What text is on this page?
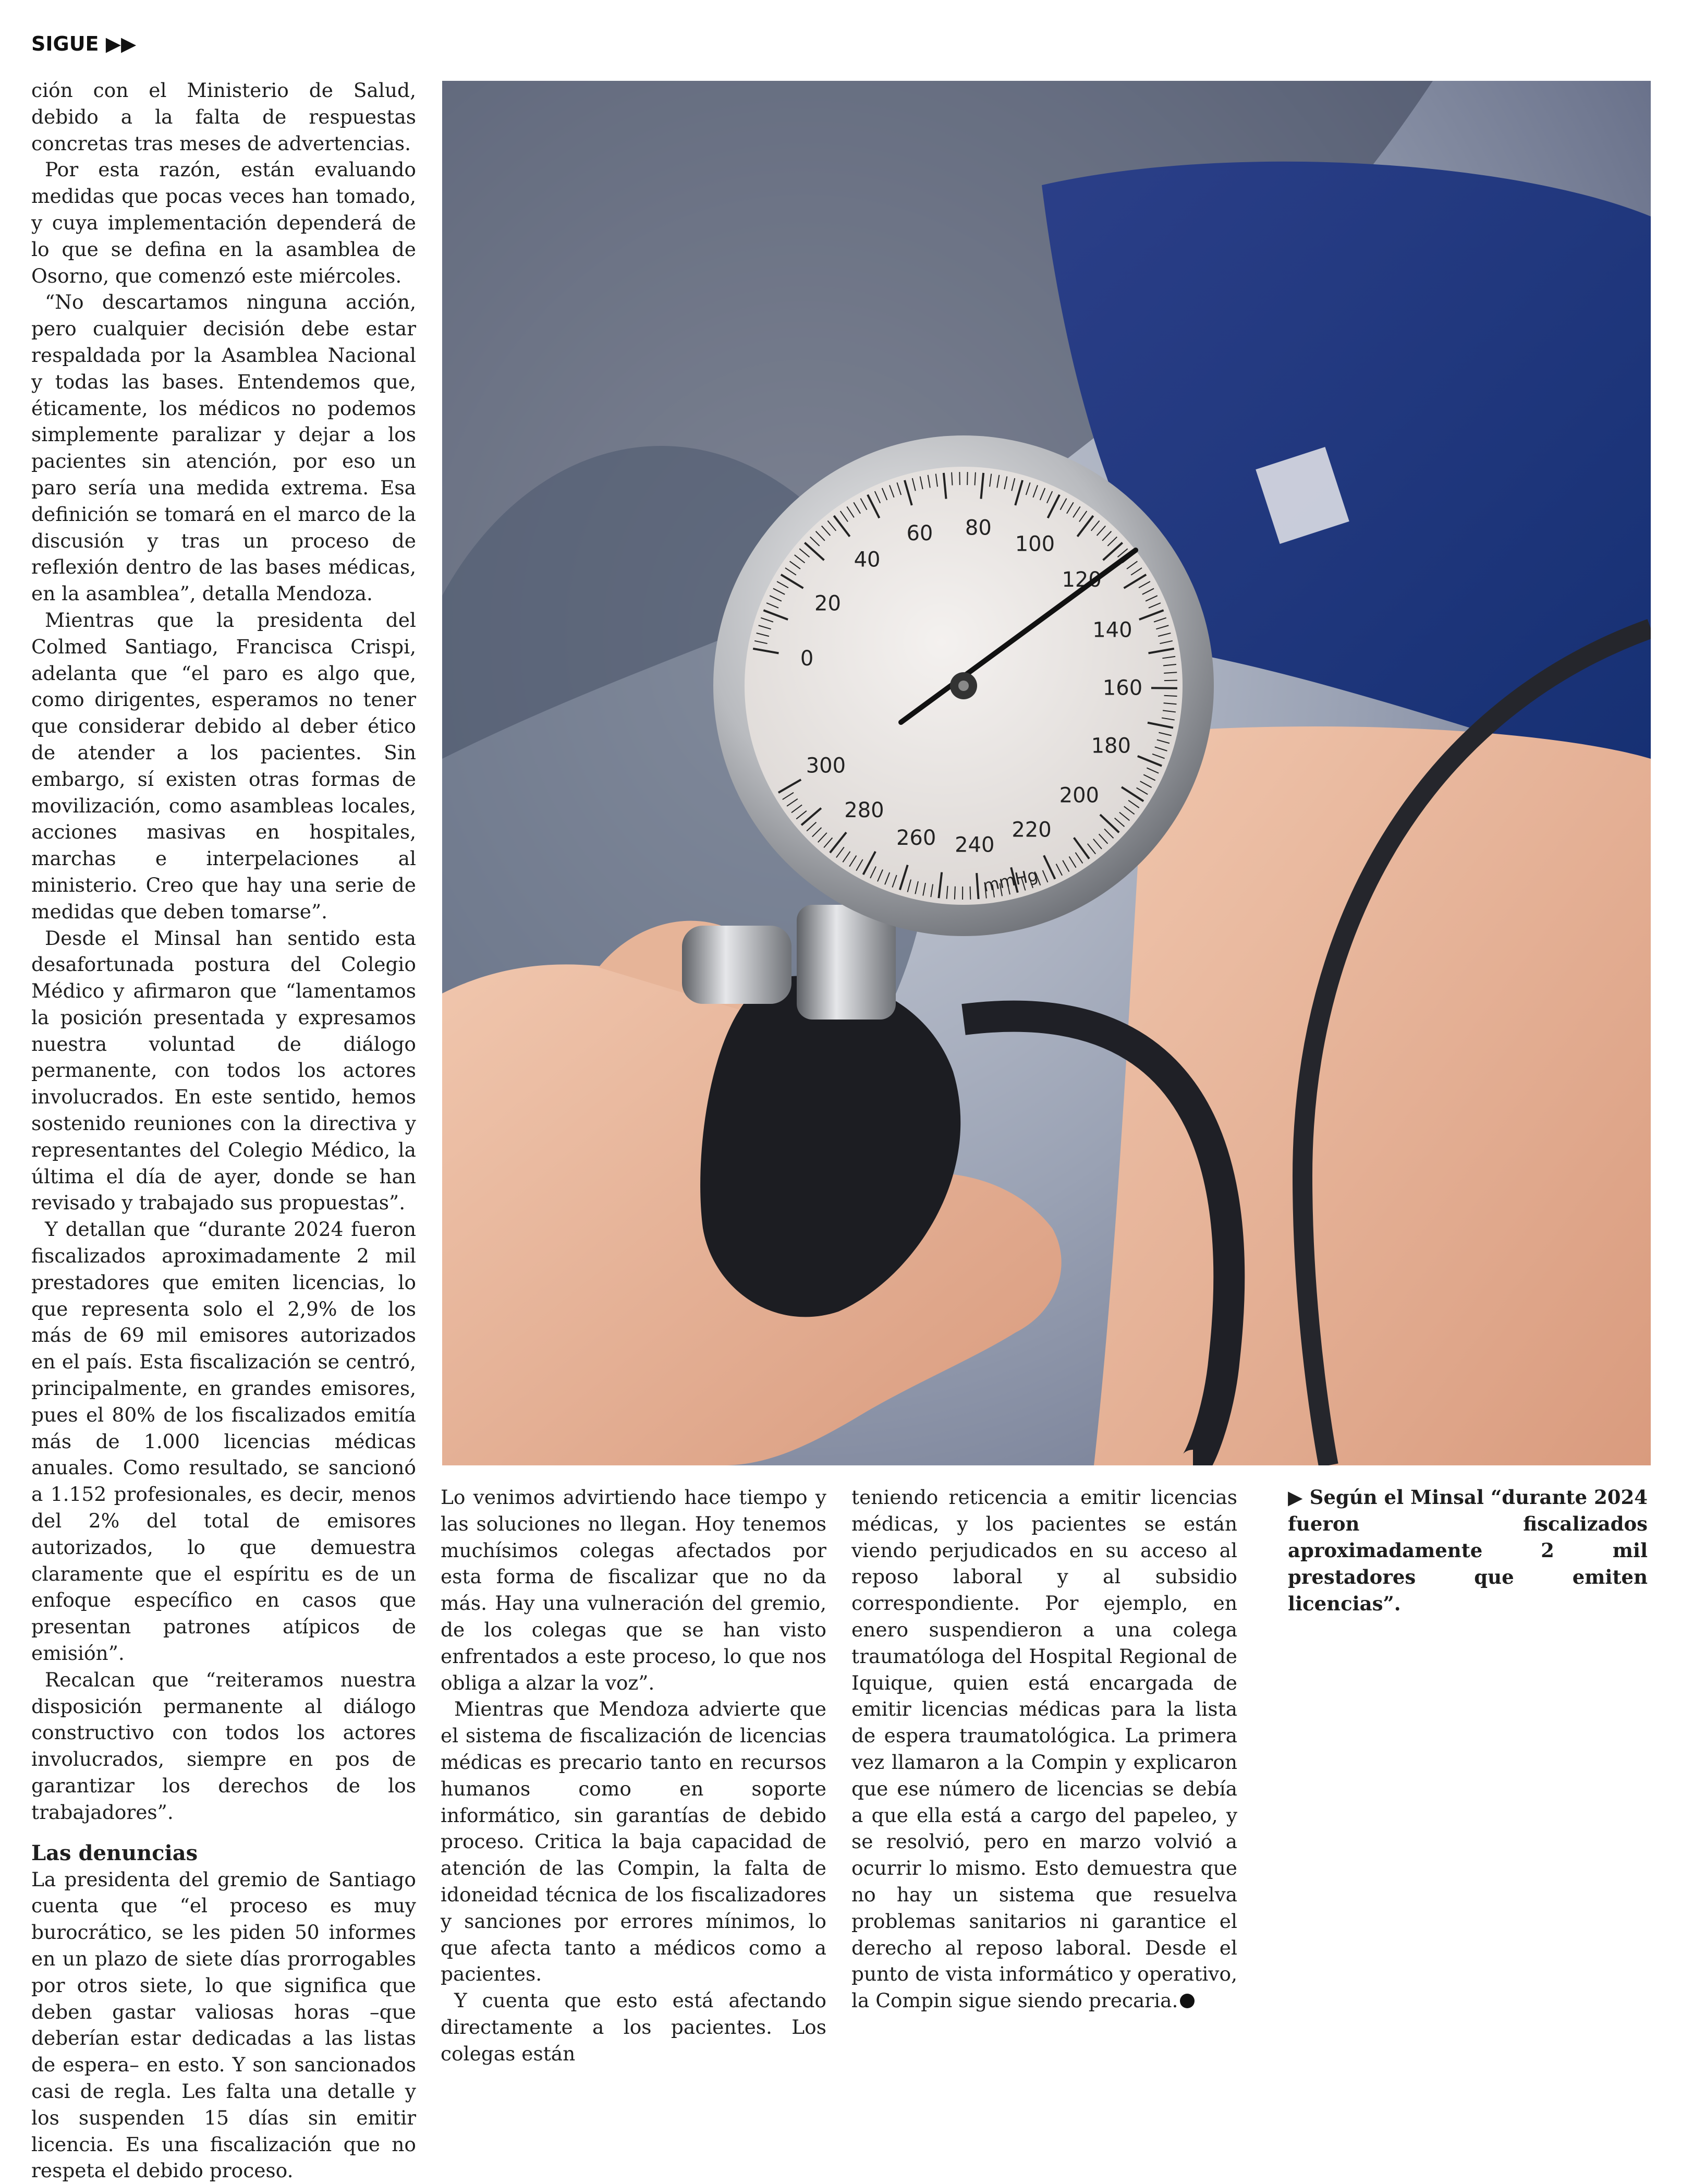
SIGUE ▶▶

ción con el Ministerio de Salud, debido a la falta de respuestas concretas tras meses de advertencias.

Por esta razón, están evaluando medidas que pocas veces han tomado, y cuya implementación dependerá de lo que se defina en la asamblea de Osorno, que comenzó este miércoles.

“No descartamos ninguna acción, pero cualquier decisión debe estar respaldada por la Asamblea Nacional y todas las bases. Entendemos que, éticamente, los médicos no podemos simplemente paralizar y dejar a los pacientes sin atención, por eso un paro sería una medida extrema. Esa definición se tomará en el marco de la discusión y tras un proceso de reflexión dentro de las bases médicas, en la asamblea”, detalla Mendoza.

Mientras que la presidenta del Colmed Santiago, Francisca Crispi, adelanta que “el paro es algo que, como dirigentes, esperamos no tener que considerar debido al deber ético de atender a los pacientes. Sin embargo, sí existen otras formas de movilización, como asambleas locales, acciones masivas en hospitales, marchas e interpelaciones al ministerio. Creo que hay una serie de medidas que deben tomarse”.

Desde el Minsal han sentido esta desafortunada postura del Colegio Médico y afirmaron que “lamentamos la posición presentada y expresamos nuestra voluntad de diálogo permanente, con todos los actores involucrados. En este sentido, hemos sostenido reuniones con la directiva y representantes del Colegio Médico, la última el día de ayer, donde se han revisado y trabajado sus propuestas”.

Y detallan que “durante 2024 fueron fiscalizados aproximadamente 2 mil prestadores que emiten licencias, lo que representa solo el 2,9% de los más de 69 mil emisores autorizados en el país. Esta fiscalización se centró, principalmente, en grandes emisores, pues el 80% de los fiscalizados emitía más de 1.000 licencias médicas anuales. Como resultado, se sancionó a 1.152 profesionales, es decir, menos del 2% del total de emisores autorizados, lo que demuestra claramente que el espíritu es de un enfoque específico en casos que presentan patrones atípicos de emisión”.

Recalcan que “reiteramos nuestra disposición permanente al diálogo constructivo con todos los actores involucrados, siempre en pos de garantizar los derechos de los trabajadores”.

Las denuncias

La presidenta del gremio de Santiago cuenta que “el proceso es muy burocrático, se les piden 50 informes en un plazo de siete días prorrogables por otros siete, lo que significa que deben gastar valiosas horas –que deberían estar dedicadas a las listas de espera– en esto. Y son sancionados casi de regla. Les falta una detalle y los suspenden 15 días sin emitir licencia. Es una fiscalización que no respeta el debido proceso.

0
20
40
60 80
100
120
140
160
180
200
220
240
260
280
300
mmHg

Lo venimos advirtiendo hace tiempo y las soluciones no llegan. Hoy tenemos muchísimos colegas afectados por esta forma de fiscalizar que no da más. Hay una vulneración del gremio, de los colegas que se han visto enfrentados a este proceso, lo que nos obliga a alzar la voz”.

Mientras que Mendoza advierte que el sistema de fiscalización de licencias médicas es precario tanto en recursos humanos como en soporte informático, sin garantías de debido proceso. Critica la baja capacidad de atención de las Compin, la falta de idoneidad técnica de los fiscalizadores y sanciones por errores mínimos, lo que afecta tanto a médicos como a pacientes.

Y cuenta que esto está afectando directamente a los pacientes. Los colegas están

teniendo reticencia a emitir licencias médicas, y los pacientes se están viendo perjudicados en su acceso al reposo laboral y al subsidio correspondiente. Por ejemplo, en enero suspendieron a una colega traumatóloga del Hospital Regional de Iquique, quien está encargada de emitir licencias médicas para la lista de espera traumatológica. La primera vez llamaron a la Compin y explicaron que ese número de licencias se debía a que ella está a cargo del papeleo, y se resolvió, pero en marzo volvió a ocurrir lo mismo. Esto demuestra que no hay un sistema que resuelva problemas sanitarios ni garantice el derecho al reposo laboral. Desde el punto de vista informático y operativo, la Compin sigue siendo precaria.

▶ Según el Minsal “durante 2024 fueron fiscalizados aproximadamente 2 mil prestadores que emiten licencias”.
